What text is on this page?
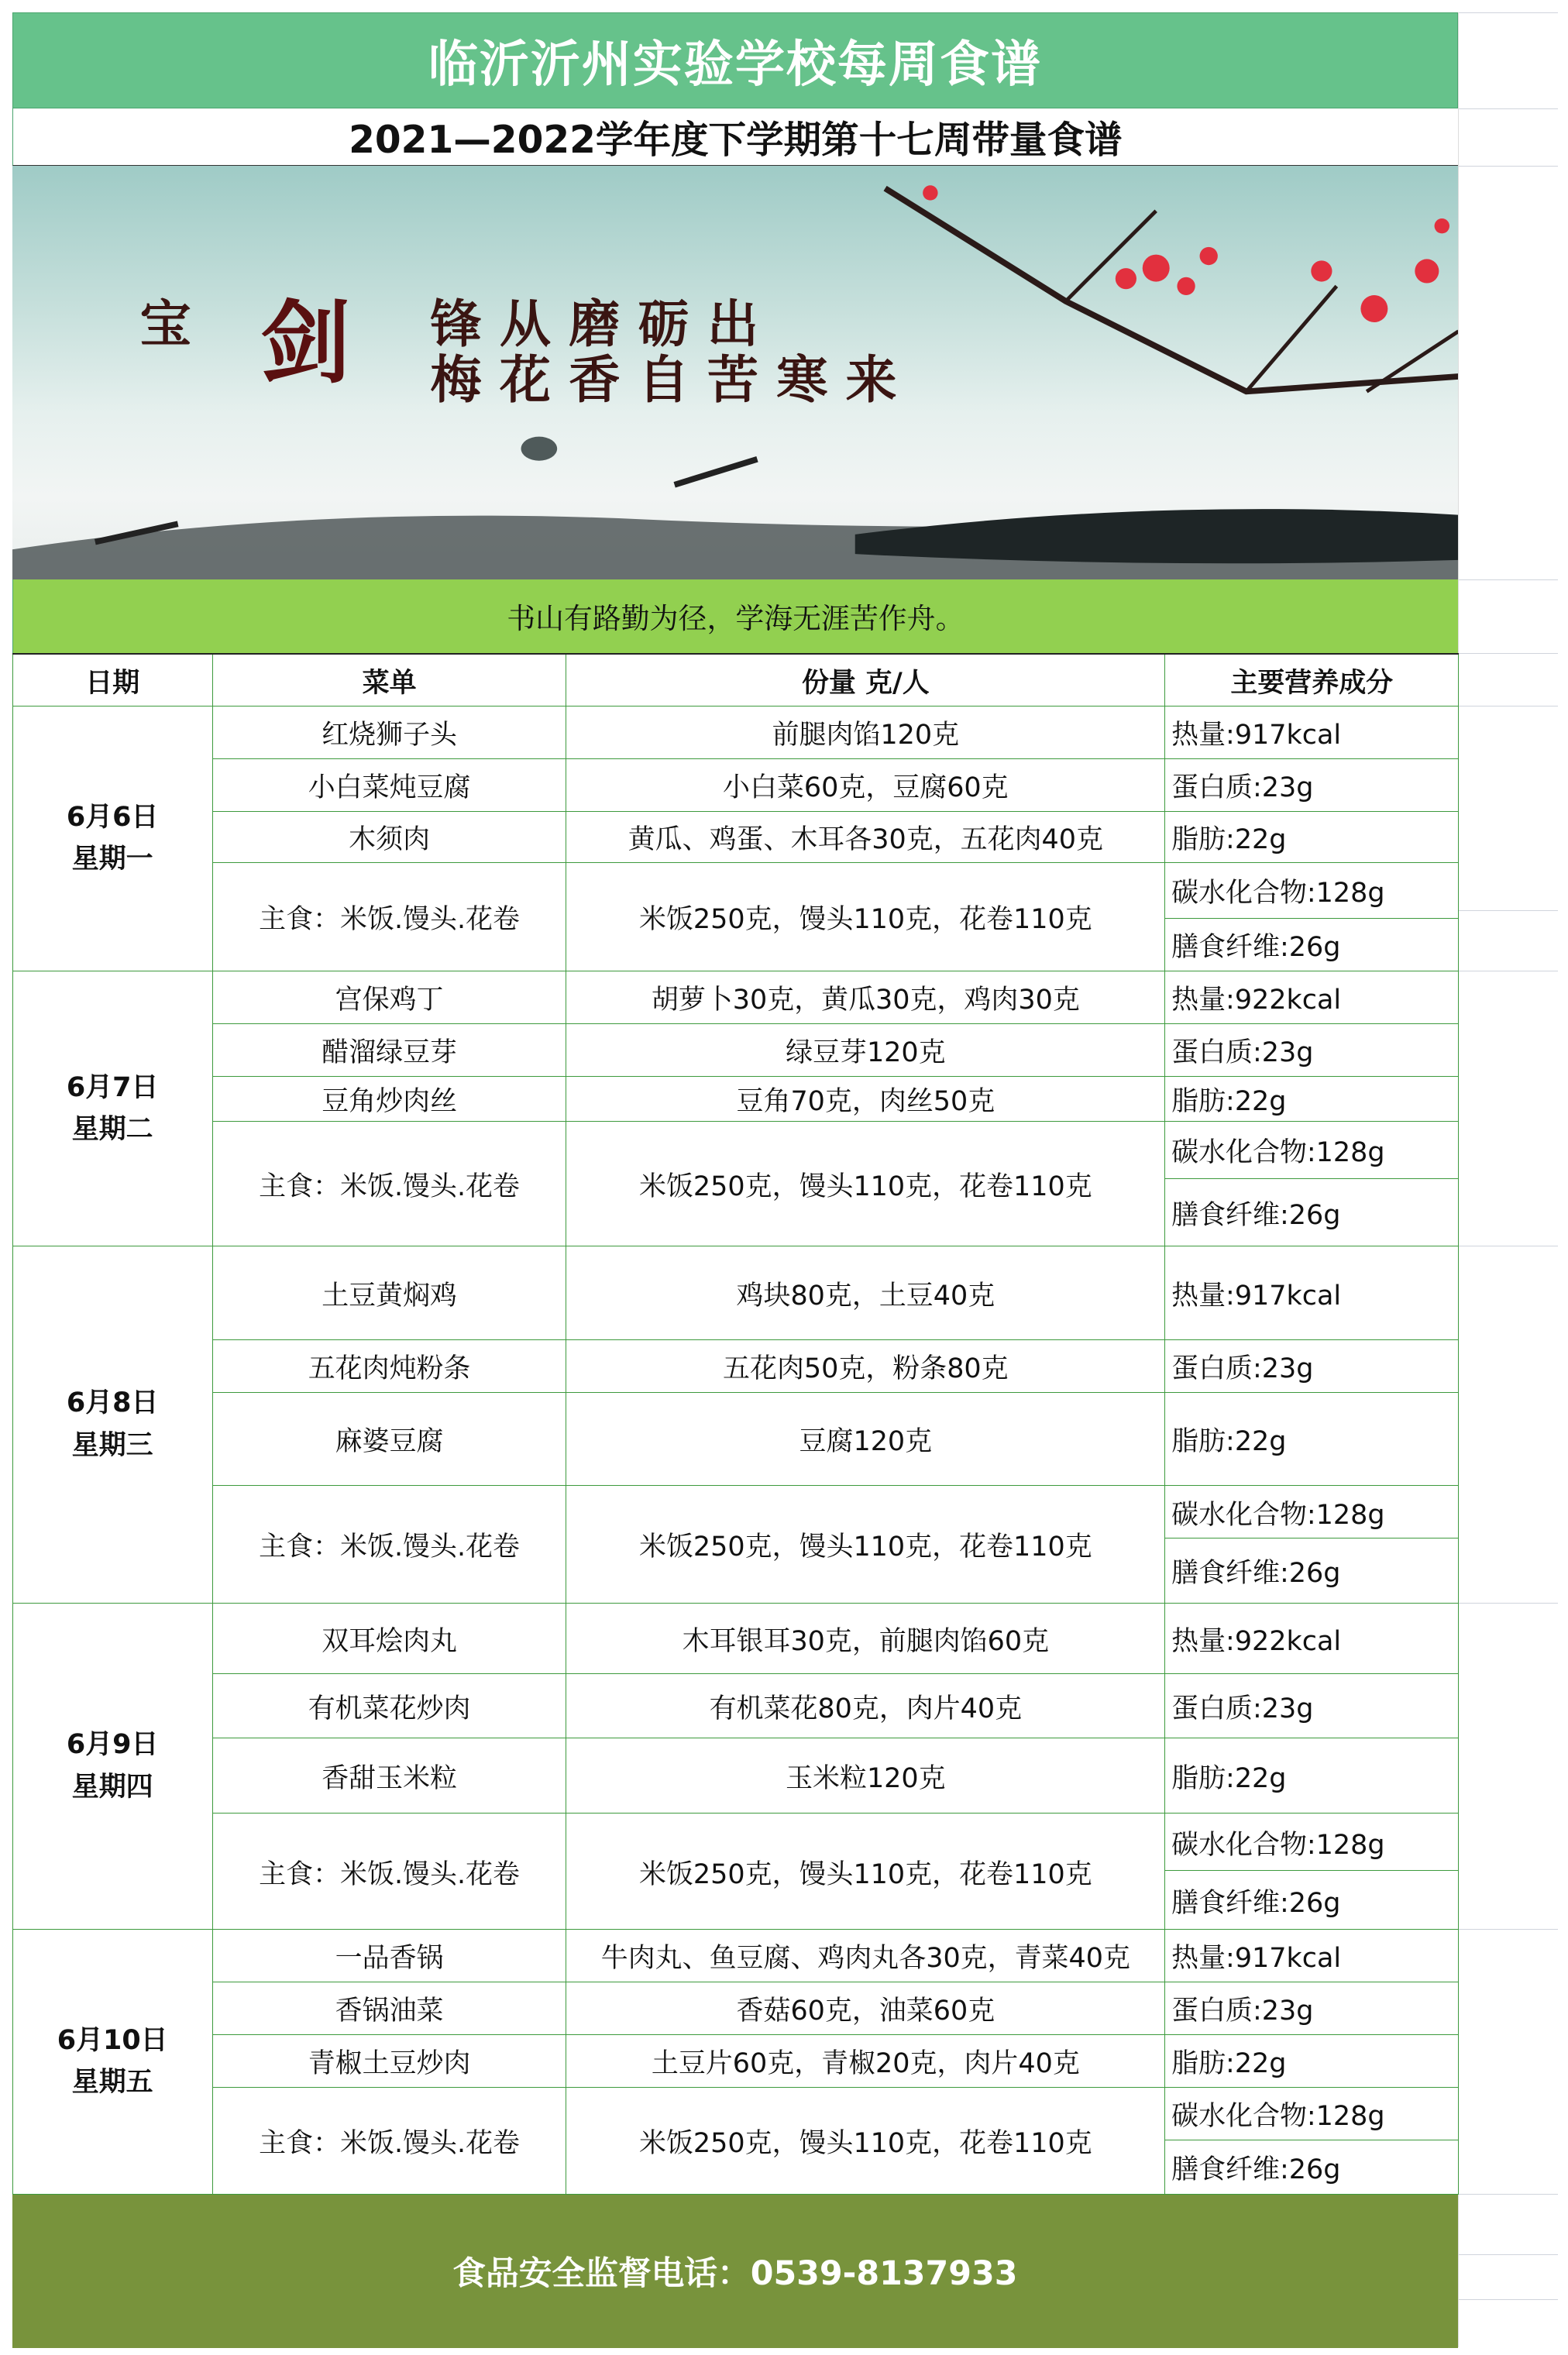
临沂沂州实验学校每周食谱
2021—2022学年度下学期第十七周带量食谱
宝 剑	锋从磨砺出
梅花香自苦寒来
书山有路勤为径，学海无涯苦作舟。
日期	菜单	份量 克/人	主要营养成分

6月6日
星期一	红烧狮子头	前腿肉馅120克	热量:917kcal
	小白菜炖豆腐	小白菜60克，豆腐60克	蛋白质:23g
	木须肉	黄瓜、鸡蛋、木耳各30克，五花肉40克	脂肪:22g
	主食：米饭.馒头.花卷	米饭250克，馒头110克，花卷110克	碳水化合物:128g
			膳食纤维:26g

6月7日
星期二	宫保鸡丁	胡萝卜30克，黄瓜30克，鸡肉30克	热量:922kcal
	醋溜绿豆芽	绿豆芽120克	蛋白质:23g
	豆角炒肉丝	豆角70克，肉丝50克	脂肪:22g
	主食：米饭.馒头.花卷	米饭250克，馒头110克，花卷110克	碳水化合物:128g
			膳食纤维:26g

6月8日
星期三	土豆黄焖鸡	鸡块80克，土豆40克	热量:917kcal
	五花肉炖粉条	五花肉50克，粉条80克	蛋白质:23g
	麻婆豆腐	豆腐120克	脂肪:22g
	主食：米饭.馒头.花卷	米饭250克，馒头110克，花卷110克	碳水化合物:128g
			膳食纤维:26g

6月9日
星期四	双耳烩肉丸	木耳银耳30克，前腿肉馅60克	热量:922kcal
	有机菜花炒肉	有机菜花80克，肉片40克	蛋白质:23g
	香甜玉米粒	玉米粒120克	脂肪:22g
	主食：米饭.馒头.花卷	米饭250克，馒头110克，花卷110克	碳水化合物:128g
			膳食纤维:26g

6月10日
星期五	一品香锅	牛肉丸、鱼豆腐、鸡肉丸各30克，青菜40克	热量:917kcal
	香锅油菜	香菇60克，油菜60克	蛋白质:23g
	青椒土豆炒肉	土豆片60克，青椒20克，肉片40克	脂肪:22g
	主食：米饭.馒头.花卷	米饭250克，馒头110克，花卷110克	碳水化合物:128g
			膳食纤维:26g
食品安全监督电话：0539-8137933
